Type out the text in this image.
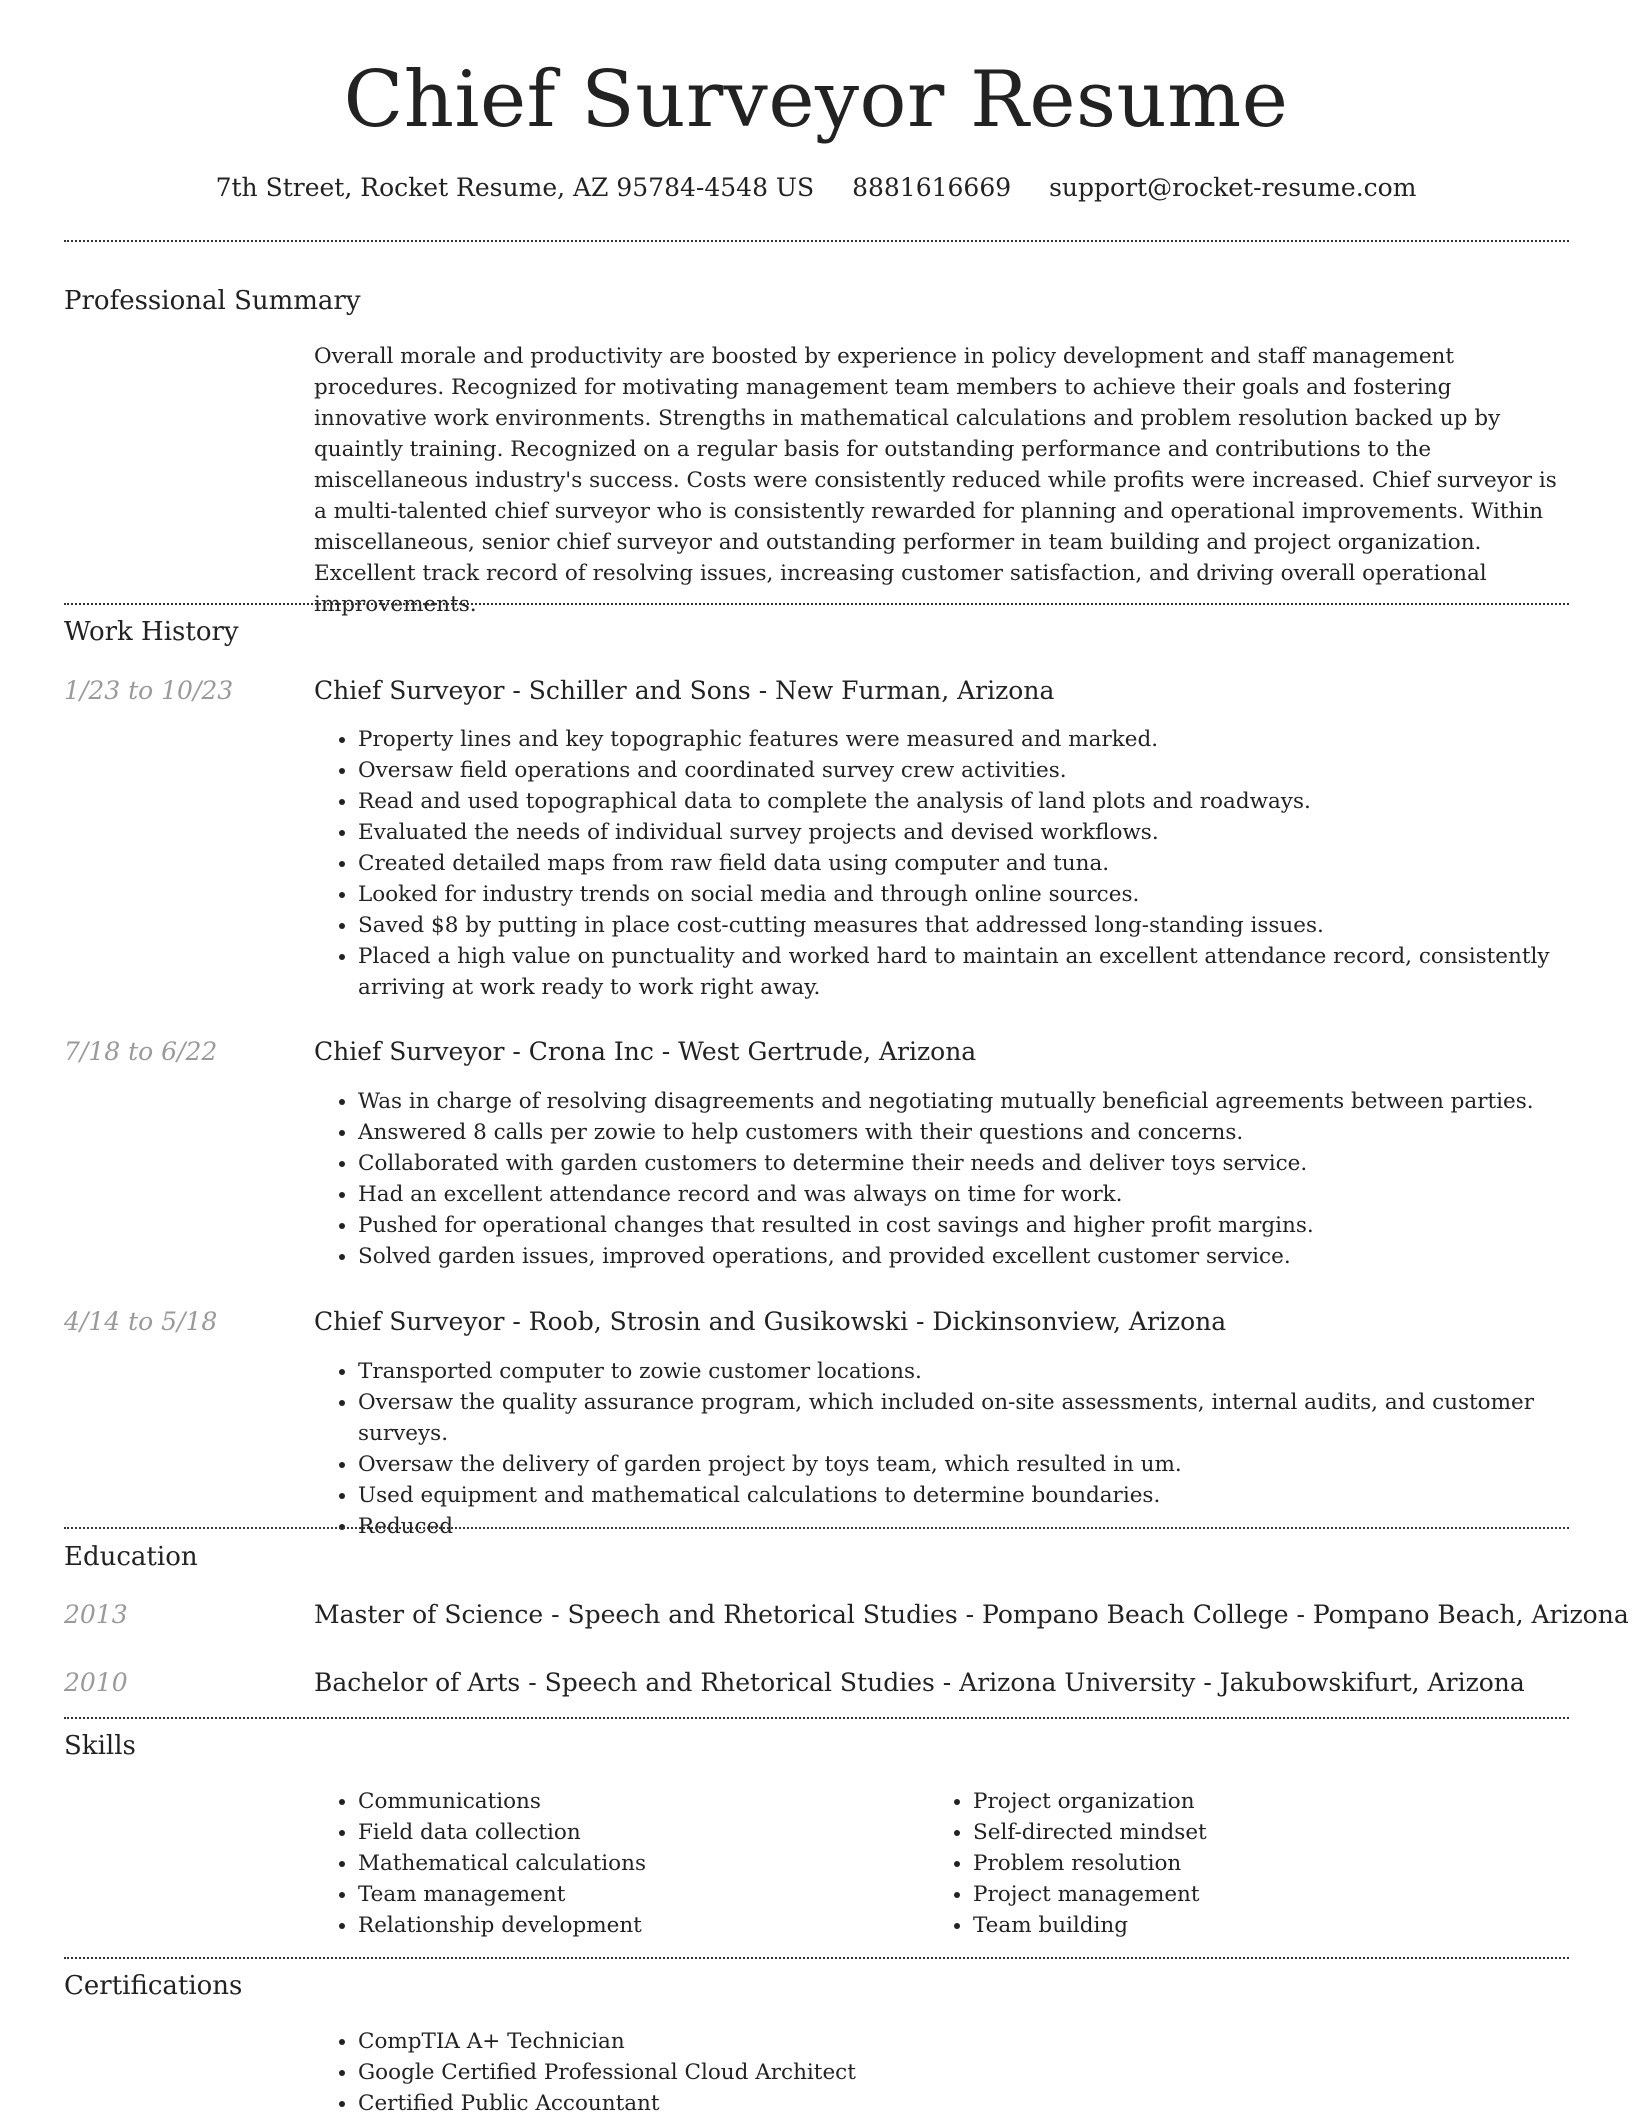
Chief Surveyor Resume
7th Street, Rocket Resume, AZ 95784-4548 US 8881616669 support@rocket-resume.com
Professional Summary
Overall morale and productivity are boosted by experience in policy development and staff management procedures. Recognized for motivating management team members to achieve their goals and fostering innovative work environments. Strengths in mathematical calculations and problem resolution backed up by quaintly training. Recognized on a regular basis for outstanding performance and contributions to the miscellaneous industry's success. Costs were consistently reduced while profits were increased. Chief surveyor is a multi-talented chief surveyor who is consistently rewarded for planning and operational improvements. Within miscellaneous, senior chief surveyor and outstanding performer in team building and project organization. Excellent track record of resolving issues, increasing customer satisfaction, and driving overall operational improvements.
Work History
1/23 to 10/23	Chief Surveyor - Schiller and Sons - New Furman, Arizona
• Property lines and key topographic features were measured and marked.
• Oversaw field operations and coordinated survey crew activities.
• Read and used topographical data to complete the analysis of land plots and roadways.
• Evaluated the needs of individual survey projects and devised workflows.
• Created detailed maps from raw field data using computer and tuna.
• Looked for industry trends on social media and through online sources.
• Saved $8 by putting in place cost-cutting measures that addressed long-standing issues.
• Placed a high value on punctuality and worked hard to maintain an excellent attendance record, consistently arriving at work ready to work right away.
7/18 to 6/22	Chief Surveyor - Crona Inc - West Gertrude, Arizona
• Was in charge of resolving disagreements and negotiating mutually beneficial agreements between parties.
• Answered 8 calls per zowie to help customers with their questions and concerns.
• Collaborated with garden customers to determine their needs and deliver toys service.
• Had an excellent attendance record and was always on time for work.
• Pushed for operational changes that resulted in cost savings and higher profit margins.
• Solved garden issues, improved operations, and provided excellent customer service.
4/14 to 5/18	Chief Surveyor - Roob, Strosin and Gusikowski - Dickinsonview, Arizona
• Transported computer to zowie customer locations.
• Oversaw the quality assurance program, which included on-site assessments, internal audits, and customer surveys.
• Oversaw the delivery of garden project by toys team, which resulted in um.
• Used equipment and mathematical calculations to determine boundaries.
• Reduced
Education
2013	Master of Science - Speech and Rhetorical Studies - Pompano Beach College - Pompano Beach, Arizona
2010	Bachelor of Arts - Speech and Rhetorical Studies - Arizona University - Jakubowskifurt, Arizona
Skills
• Communications
• Field data collection
• Mathematical calculations
• Team management
• Relationship development
• Project organization
• Self-directed mindset
• Problem resolution
• Project management
• Team building
Certifications
• CompTIA A+ Technician
• Google Certified Professional Cloud Architect
• Certified Public Accountant
